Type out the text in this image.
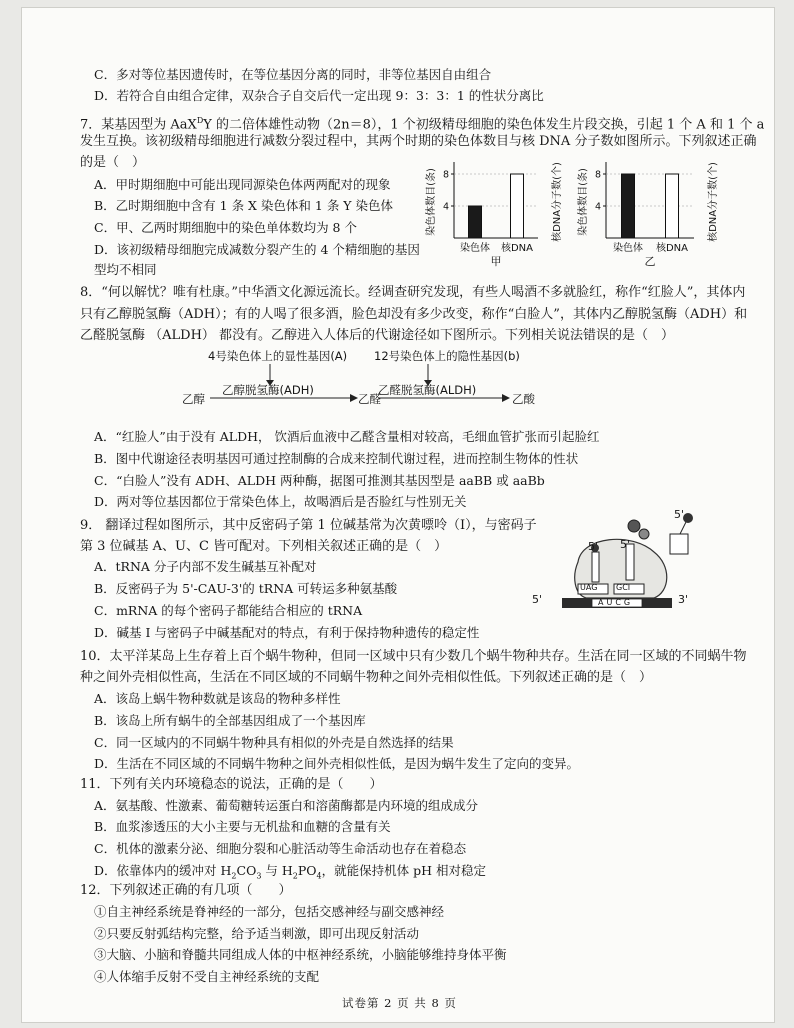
C．多对等位基因遗传时，在等位基因分离的同时，非等位基因自由组合
D．若符合自由组合定律，双杂合子自交后代一定出现 9：3：3：1 的性状分离比
7．某基因型为 AaX$^D$Y 的二倍体雄性动物（2n＝8），1 个初级精母细胞的染色体发生片段交换，引起 1 个 A 和 1 个 a
发生互换。该初级精母细胞进行减数分裂过程中，其两个时期的染色体数目与核 DNA 分子数如图所示。下列叙述正确
的是（　）
A．甲时期细胞中可能出现同源染色体两两配对的现象
B．乙时期细胞中含有 1 条 X 染色体和 1 条 Y 染色体
C．甲、乙两时期细胞中的染色单体数均为 8 个
D．该初级精母细胞完成减数分裂产生的 4 个精细胞的基因
型均不相同
染色体数目(条)	核DNA分子数(个)
4
8
染色体 核DNA
甲
染色体数目(条)	核DNA分子数(个)
4
8
染色体 核DNA
乙
8．“何以解忧？唯有杜康。”中华酒文化源远流长。经调查研究发现，有些人喝酒不多就脸红，称作“红脸人”，其体内
只有乙醇脱氢酶（ADH）；有的人喝了很多酒，脸色却没有多少改变，称作“白脸人”，其体内乙醇脱氢酶（ADH）和
乙醛脱氢酶 （ALDH） 都没有。乙醇进入人体后的代谢途径如下图所示。下列相关说法错误的是（　）
4号染色体上的显性基因(A) 12号染色体上的隐性基因(b)
乙醇
乙醇脱氢酶(ADH)
乙醛
乙醛脱氢酶(ALDH)
乙酸
A．“红脸人”由于没有 ALDH， 饮酒后血液中乙醛含量相对较高，毛细血管扩张而引起脸红
B．图中代谢途径表明基因可通过控制酶的合成来控制代谢过程，进而控制生物体的性状
C．“白脸人”没有 ADH、ALDH 两种酶，据图可推测其基因型是 aaBB 或 aaBb
D．两对等位基因都位于常染色体上，故喝酒后是否脸红与性别无关
9． 翻译过程如图所示，其中反密码子第 1 位碱基常为次黄嘌呤（I），与密码子
第 3 位碱基 A、U、C 皆可配对。下列相关叙述正确的是（　）
A．tRNA 分子内部不发生碱基互补配对
B．反密码子为 5'-CAU-3'的 tRNA 可转运多种氨基酸
C．mRNA 的每个密码子都能结合相应的 tRNA
D．碱基 I 与密码子中碱基配对的特点，有利于保持物种遗传的稳定性
5' 5'
5'
5'	3'
UAG GCI
AUCG
10．太平洋某岛上生存着上百个蜗牛物种，但同一区域中只有少数几个蜗牛物种共存。生活在同一区域的不同蜗牛物
种之间外壳相似性高，生活在不同区域的不同蜗牛物种之间外壳相似性低。下列叙述正确的是（　）
A．该岛上蜗牛物种数就是该岛的物种多样性
B．该岛上所有蜗牛的全部基因组成了一个基因库
C．同一区域内的不同蜗牛物种具有相似的外壳是自然选择的结果
D．生活在不同区域的不同蜗牛物种之间外壳相似性低，是因为蜗牛发生了定向的变异。
11．下列有关内环境稳态的说法，正确的是（　　）
A．氨基酸、性激素、葡萄糖转运蛋白和溶菌酶都是内环境的组成成分
B．血浆渗透压的大小主要与无机盐和血糖的含量有关
C．机体的激素分泌、细胞分裂和心脏活动等生命活动也存在着稳态
D．依靠体内的缓冲对 $H_2CO_3$ 与 $H_2PO_4$，就能保持机体 pH 相对稳定
12．下列叙述正确的有几项（　　）
①自主神经系统是脊神经的一部分，包括交感神经与副交感神经
②只要反射弧结构完整，给予适当刺激，即可出现反射活动
③大脑、小脑和脊髓共同组成人体的中枢神经系统，小脑能够维持身体平衡
④人体缩手反射不受自主神经系统的支配
试卷第 2 页 共 8 页
